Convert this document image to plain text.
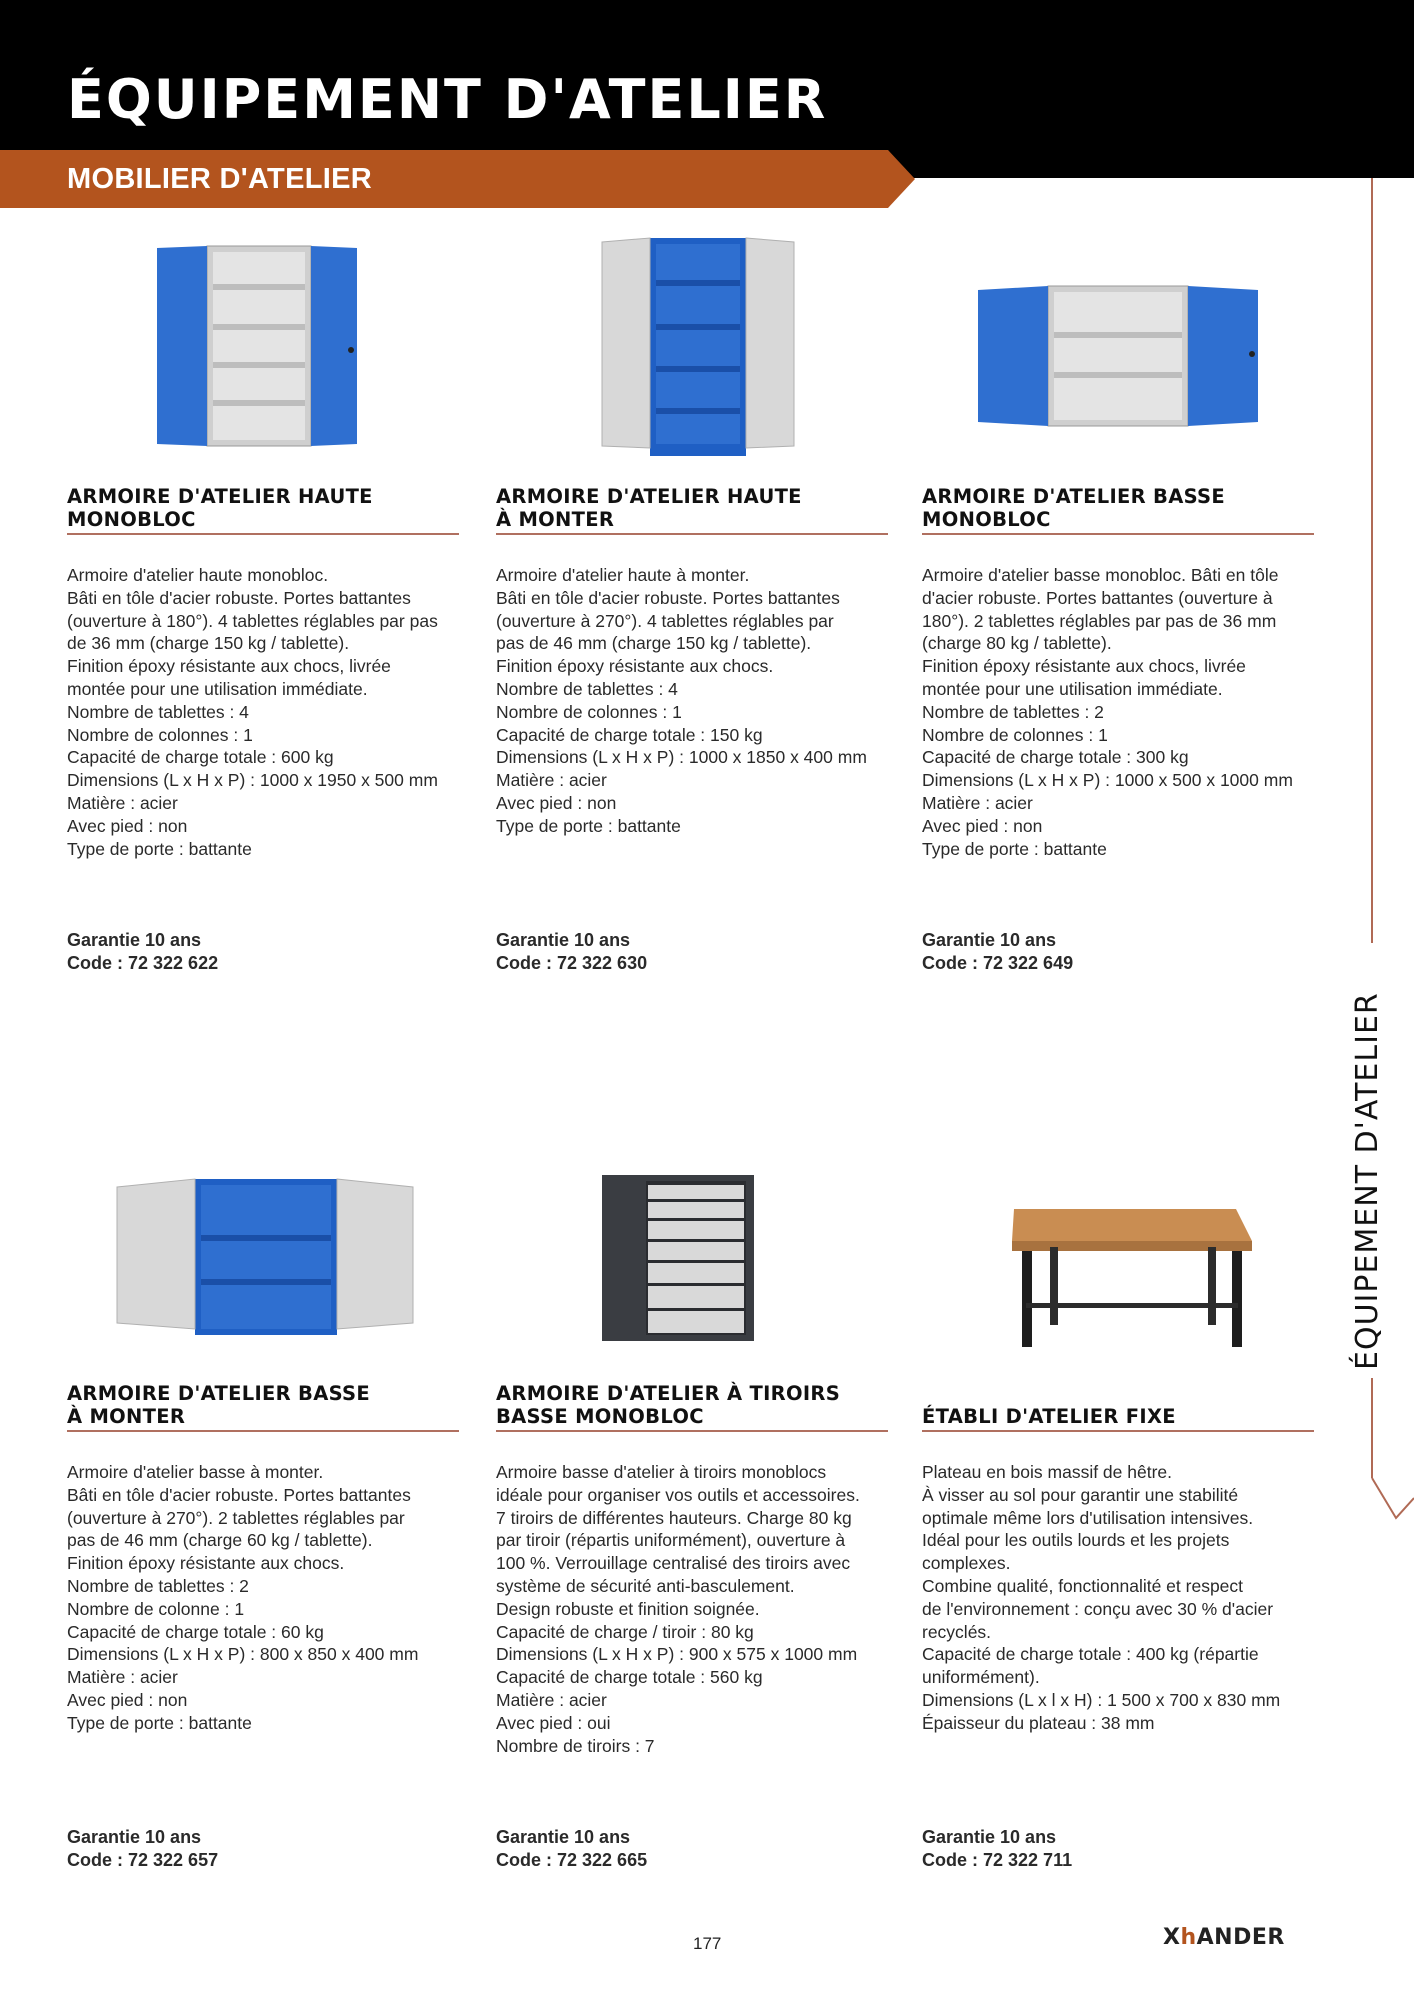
ÉQUIPEMENT D'ATELIER
MOBILIER D'ATELIER
ÉQUIPEMENT D'ATELIER
ARMOIRE D'ATELIER HAUTE
MONOBLOC
Armoire d'atelier haute monobloc.
Bâti en tôle d'acier robuste. Portes battantes
(ouverture à 180°). 4 tablettes réglables par pas
de 36 mm (charge 150 kg / tablette).
Finition époxy résistante aux chocs, livrée
montée pour une utilisation immédiate.
Nombre de tablettes : 4
Nombre de colonnes : 1
Capacité de charge totale : 600 kg
Dimensions (L x H x P) : 1000 x 1950 x 500 mm
Matière : acier
Avec pied : non
Type de porte : battante
Garantie 10 ans
Code : 72 322 622
ARMOIRE D'ATELIER HAUTE
À MONTER
Armoire d'atelier haute à monter.
Bâti en tôle d'acier robuste. Portes battantes
(ouverture à 270°). 4 tablettes réglables par
pas de 46 mm (charge 150 kg / tablette).
Finition époxy résistante aux chocs.
Nombre de tablettes : 4
Nombre de colonnes : 1
Capacité de charge totale : 150 kg
Dimensions (L x H x P) : 1000 x 1850 x 400 mm
Matière : acier
Avec pied : non
Type de porte : battante
Garantie 10 ans
Code : 72 322 630
ARMOIRE D'ATELIER BASSE
MONOBLOC
Armoire d'atelier basse monobloc. Bâti en tôle
d'acier robuste. Portes battantes (ouverture à
180°). 2 tablettes réglables par pas de 36 mm
(charge 80 kg / tablette).
Finition époxy résistante aux chocs, livrée
montée pour une utilisation immédiate.
Nombre de tablettes : 2
Nombre de colonnes : 1
Capacité de charge totale : 300 kg
Dimensions (L x H x P) : 1000 x 500 x 1000 mm
Matière : acier
Avec pied : non
Type de porte : battante
Garantie 10 ans
Code : 72 322 649
ARMOIRE D'ATELIER BASSE
À MONTER
Armoire d'atelier basse à monter.
Bâti en tôle d'acier robuste. Portes battantes
(ouverture à 270°). 2 tablettes réglables par
pas de 46 mm (charge 60 kg / tablette).
Finition époxy résistante aux chocs.
Nombre de tablettes : 2
Nombre de colonne : 1
Capacité de charge totale : 60 kg
Dimensions (L x H x P) : 800 x 850 x 400 mm
Matière : acier
Avec pied : non
Type de porte : battante
Garantie 10 ans
Code : 72 322 657
ARMOIRE D'ATELIER À TIROIRS
BASSE MONOBLOC
Armoire basse d'atelier à tiroirs monoblocs
idéale pour organiser vos outils et accessoires.
7 tiroirs de différentes hauteurs. Charge 80 kg
par tiroir (répartis uniformément), ouverture à
100 %. Verrouillage centralisé des tiroirs avec
système de sécurité anti-basculement.
Design robuste et finition soignée.
Capacité de charge / tiroir : 80 kg
Dimensions (L x H x P) : 900 x 575 x 1000 mm
Capacité de charge totale : 560 kg
Matière : acier
Avec pied : oui
Nombre de tiroirs : 7
Garantie 10 ans
Code : 72 322 665
ÉTABLI D'ATELIER FIXE
Plateau en bois massif de hêtre.
À visser au sol pour garantir une stabilité
optimale même lors d'utilisation intensives.
Idéal pour les outils lourds et les projets
complexes.
Combine qualité, fonctionnalité et respect
de l'environnement : conçu avec 30 % d'acier
recyclés.
Capacité de charge totale : 400 kg (répartie
uniformément).
Dimensions (L x l x H) : 1 500 x 700 x 830 mm
Épaisseur du plateau : 38 mm
Garantie 10 ans
Code : 72 322 711
177	XhANDER
